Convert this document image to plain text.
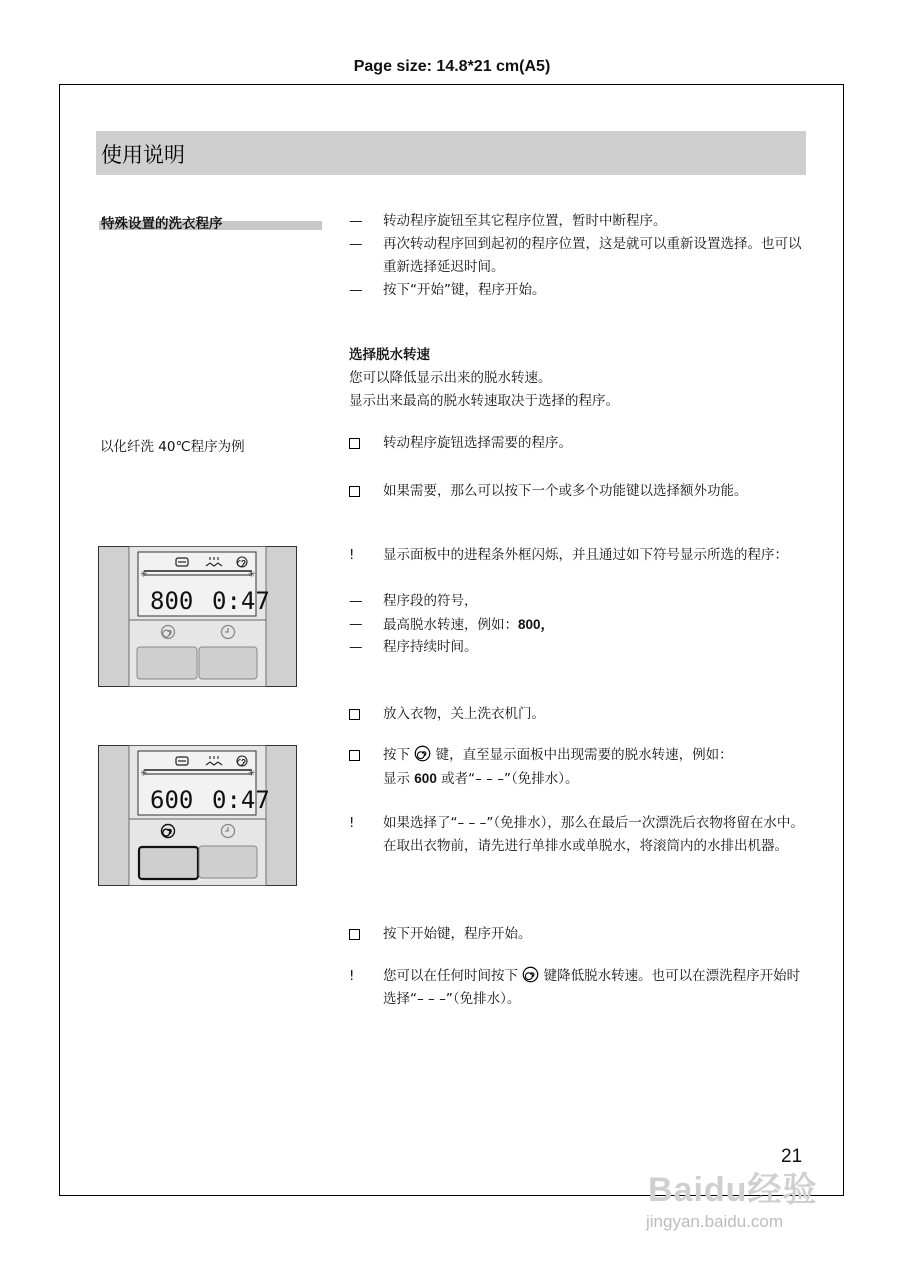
Page size: 14.8*21 cm(A5)
使用说明
特殊设置的洗衣程序
以化纤洗 40℃程序为例
—	转动程序旋钮至其它程序位置，暂时中断程序。
—	再次转动程序回到起初的程序位置，这是就可以重新设置选择。也可以重新选择延迟时间。
—	按下“开始”键，程序开始。
选择脱水转速
您可以降低显示出来的脱水转速。
显示出来最高的脱水转速取决于选择的程序。
转动程序旋钮选择需要的程序。
如果需要，那么可以按下一个或多个功能键以选择额外功能。
!	显示面板中的进程条外框闪烁，并且通过如下符号显示所选的程序：
—	程序段的符号，
—	最高脱水转速，例如：800，
—	程序持续时间。
放入衣物，关上洗衣机门。
按下 键，直至显示面板中出现需要的脱水转速，例如：
显示 600 或者“– – –”（免排水）。
!	如果选择了“– – –”（免排水），那么在最后一次漂洗后衣物将留在水中。
在取出衣物前，请先进行单排水或单脱水，将滚筒内的水排出机器。
按下开始键，程序开始。
!	您可以在任何时间按下 键降低脱水转速。也可以在漂洗程序开始时选择“– – –”（免排水）。
✳	✳
800 0:47
✳	✳
600 0:47
21
Baidu经验
jingyan.baidu.com
